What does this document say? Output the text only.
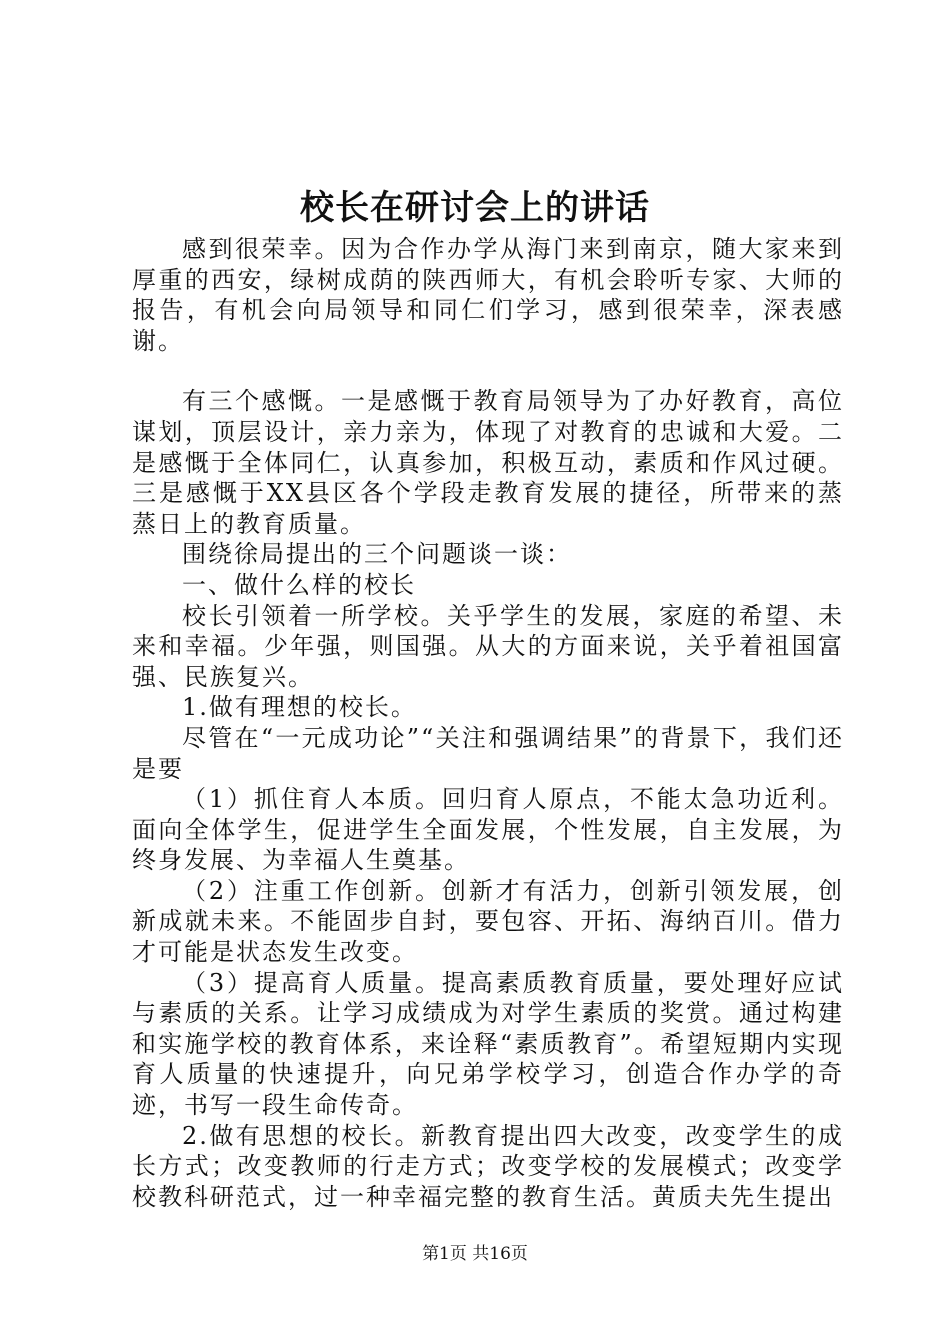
校长在研讨会上的讲话

感到很荣幸。因为合作办学从海门来到南京，随大家来到厚重的西安，绿树成荫的陕西师大，有机会聆听专家、大师的报告，有机会向局领导和同仁们学习，感到很荣幸，深表感谢。

有三个感慨。一是感慨于教育局领导为了办好教育，高位谋划，顶层设计，亲力亲为，体现了对教育的忠诚和大爱。二是感慨于全体同仁，认真参加，积极互动，素质和作风过硬。三是感慨于XX县区各个学段走教育发展的捷径，所带来的蒸蒸日上的教育质量。

围绕徐局提出的三个问题谈一谈：

一、做什么样的校长

校长引领着一所学校。关乎学生的发展，家庭的希望、未来和幸福。少年强，则国强。从大的方面来说，关乎着祖国富强、民族复兴。

1.做有理想的校长。

尽管在“一元成功论”“关注和强调结果”的背景下，我们还是要

（1）抓住育人本质。回归育人原点，不能太急功近利。面向全体学生，促进学生全面发展，个性发展，自主发展，为终身发展、为幸福人生奠基。

（2）注重工作创新。创新才有活力，创新引领发展，创新成就未来。不能固步自封，要包容、开拓、海纳百川。借力才可能是状态发生改变。

（3）提高育人质量。提高素质教育质量，要处理好应试与素质的关系。让学习成绩成为对学生素质的奖赏。通过构建和实施学校的教育体系，来诠释“素质教育”。希望短期内实现育人质量的快速提升，向兄弟学校学习，创造合作办学的奇迹，书写一段生命传奇。

2.做有思想的校长。新教育提出四大改变，改变学生的成长方式；改变教师的行走方式；改变学校的发展模式；改变学校教科研范式，过一种幸福完整的教育生活。黄质夫先生提出

第1页 共16页
